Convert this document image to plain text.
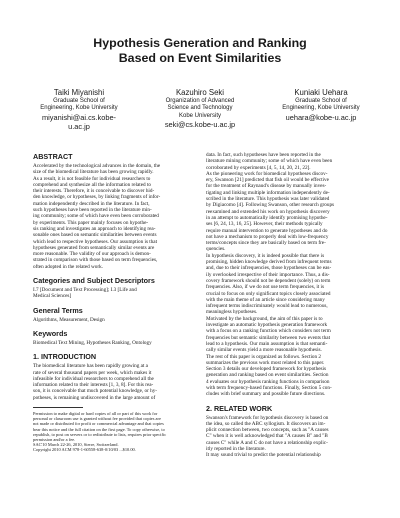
Hypothesis Generation and Ranking
Based on Event Similarities
Taiki Miyanishi
Graduate School of
Engineering, Kobe University
miyanishi@ai.cs.kobe-
u.ac.jp
Kazuhiro Seki
Organization of Advanced
Science and Technology
Kobe University
seki@cs.kobe-u.ac.jp
Kuniaki Uehara
Graduate School of
Engineering, Kobe University
uehara@kobe-u.ac.jp
ABSTRACT
Accelerated by the technological advances in the domain, the
size of the biomedical literature has been growing rapidly.
As a result, it is not feasible for individual researchers to
comprehend and synthesize all the information related to
their interests. Therefore, it is conceivable to discover hid-
den knowledge, or hypotheses, by linking fragments of infor-
mation independently described in the literature. In fact,
such hypotheses have been reported in the literature min-
ing community; some of which have even been corroborated
by experiments. This paper mainly focuses on hypothe-
sis ranking and investigates an approach to identifying rea-
sonable ones based on semantic similarities between events
which lead to respective hypotheses. Our assumption is that
hypotheses generated from semantically similar events are
more reasonable. The validity of our approach is demon-
strated in comparison with those based on term frequencies,
often adopted in the related work.
Categories and Subject Descriptors
I.7 [Document and Text Processing]; I.3 [Life and
Medical Sciences]
General Terms
Algorithms, Measurement, Design
Keywords
Biomedical Text Mining, Hypotheses Ranking, Ontology
1. INTRODUCTION
The biomedical literature has been rapidly growing at a
rate of several thousand papers per week, which makes it
infeasible for individual researchers to comprehend all the
information related to their interests [1, 3, 8]. For this rea-
son, it is conceivable that much potential knowledge, or hy-
potheses, is remaining undiscovered in the large amount of
Permission to make digital or hard copies of all or part of this work for
personal or classroom use is granted without fee provided that copies are
not made or distributed for profit or commercial advantage and that copies
bear this notice and the full citation on the first page. To copy otherwise, to
republish, to post on servers or to redistribute to lists, requires prior specific
permission and/or a fee.
SAC'10 March 22-26, 2010, Sierre, Switzerland.
Copyright 2010 ACM 978-1-60558-638-0/10/03 ...$10.00.
data. In fact, such hypotheses have been reported in the
literature mining community; some of which have even been
corroborated by experiments [4, 5, 14, 20, 21, 22].
As the pioneering work for biomedical hypotheses discov-
ery, Swanson [21] predicted that fish oil would be effective
for the treatment of Raynaud's disease by manually inves-
tigating and linking multiple information independently de-
scribed in the literature. This hypothesis was later validated
by Digiacomo [4]. Following Swanson, other research groups
reexamined and extended his work on hypothesis discovery
in an attempt to automatically identify promising hypothe-
ses [6, 24, 13, 16, 25]. However, their methods typically
require manual intervention to generate hypotheses and do
not have a mechanism to properly deal with low-frequency
terms/concepts since they are basically based on term fre-
quencies.
In hypothesis discovery, it is indeed possible that there is
promising, hidden knowledge derived from infrequent terms
and, due to their infrequencies, those hypotheses can be eas-
ily overlooked irrespective of their importance. Thus, a dis-
covery framework should not be dependent (solely) on term
frequencies. Also, if we do not use term frequencies, it is
crucial to focus on only significant topics closely associated
with the main theme of an article since considering many
infrequent terms indiscriminately would lead to numerous,
meaningless hypotheses.
Motivated by the background, the aim of this paper is to
investigate an automatic hypothesis generation framework
with a focus on a ranking function which considers not term
frequencies but semantic similarity between two events that
lead to a hypothesis. Our main assumption is that semanti-
cally similar events yield a more reasonable hypothesis.
The rest of this paper is organized as follows. Section 2
summarizes the previous work most related to this paper.
Section 3 details our developed framework for hypothesis
generation and ranking based on event similarities. Section
4 evaluates our hypothesis ranking functions in comparison
with term frequency-based functions. Finally, Section 5 con-
cludes with brief summary and possible future directions.
2. RELATED WORK
Swanson's framework for hypothesis discovery is based on
the idea, so called the ABC syllogism. It discovers an im-
plicit connection between, two concepts, such as "A causes
C" when it is well acknowledged that "A causes B" and "B
causes C" while A and C do not have a relationship explic-
itly reported in the literature.
It may sound trivial to predict the potential relationship
